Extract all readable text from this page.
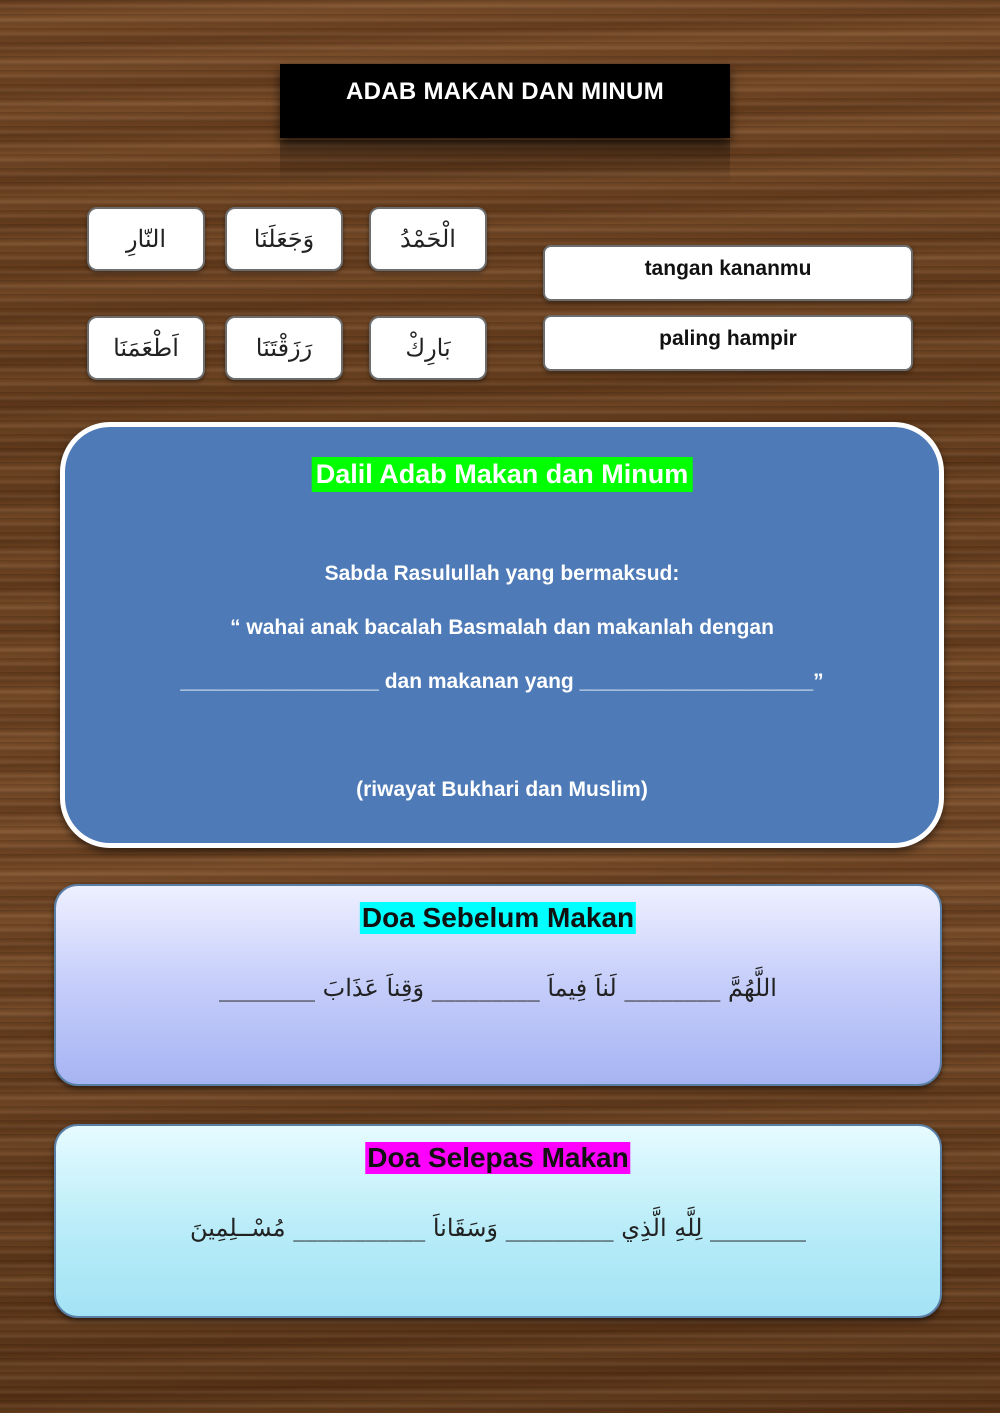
ADAB MAKAN DAN MINUM
الْحَمْدُ
وَجَعَلَنَا
النّارِ
بَارِكْ
رَزَقْتَنَا
اَطْعَمَنَا
tangan kananmu
paling hampir
Dalil Adab Makan dan Minum
Sabda Rasulullah yang bermaksud:
“ wahai anak bacalah Basmalah dan makanlah dengan
_________________ dan makanan yang ____________________”
(riwayat Bukhari dan Muslim)
Doa Sebelum Makan
اللَّهُمَّ ________ لَناَ فِيماَ _________ وَقِناَ عَذَابَ ________
Doa Selepas Makan
________ لِلَّهِ الَّذِي _________ وَسَقَاناَ ___________ مُسْــلِمِينَ
